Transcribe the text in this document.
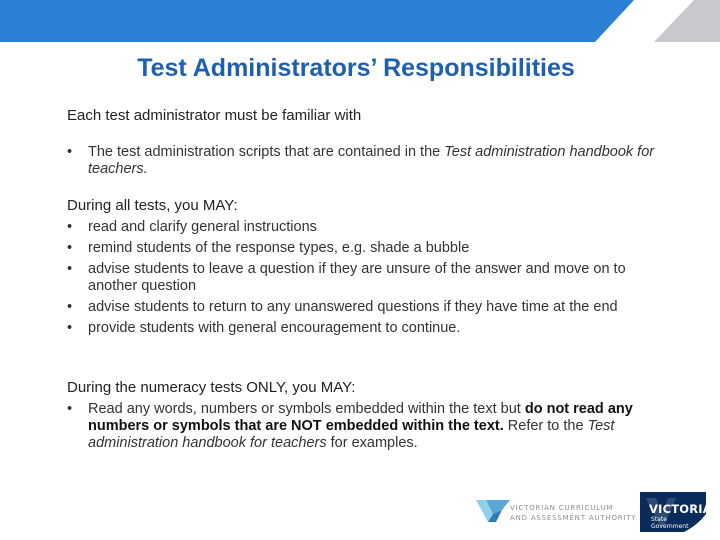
Test Administrators’ Responsibilities
Each test administrator must be familiar with
• The test administration scripts that are contained in the Test administration handbook for teachers.
During all tests, you MAY:
• read and clarify general instructions
• remind students of the response types, e.g. shade a bubble
• advise students to leave a question if they are unsure of the answer and move on to another question
• advise students to return to any unanswered questions if they have time at the end
• provide students with general encouragement to continue.
During the numeracy tests ONLY, you MAY:
• Read any words, numbers or symbols embedded within the text but do not read any numbers or symbols that are NOT embedded within the text. Refer to the Test administration handbook for teachers for examples.
VICTORIAN CURRICULUM
AND ASSESSMENT AUTHORITY
VICTORIA
State
Government
